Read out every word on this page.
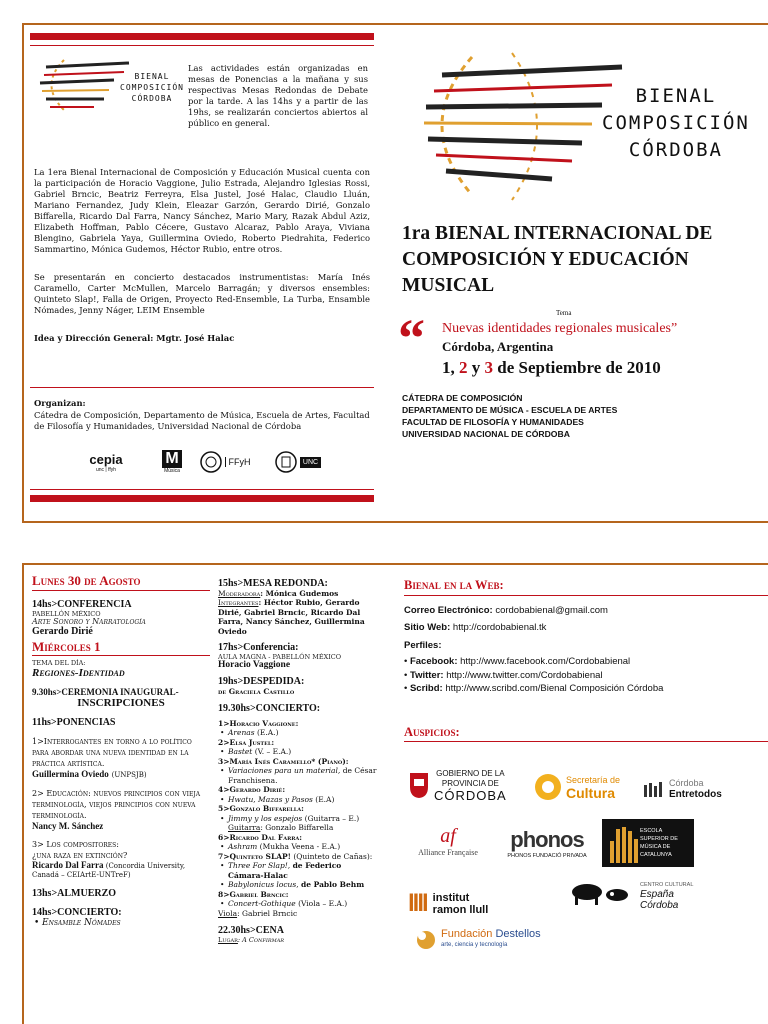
BIENAL
COMPOSICIÓN
CÓRDOBA
Las actividades están organizadas en mesas de Ponencias a la mañana y sus respectivas Mesas Redondas de Debate por la tarde. A las 14hs y a partir de las 19hs, se realizarán conciertos abiertos al público en general.
La 1era Bienal Internacional de Composición y Educación Musical cuenta con la participación de Horacio Vaggione, Julio Estrada, Alejandro Iglesias Rossi, Gabriel Brncic, Beatriz Ferreyra, Elsa Justel, José Halac, Claudio Lluán, Mariano Fernandez, Judy Klein, Eleazar Garzón, Gerardo Dirié, Gonzalo Biffarella, Ricardo Dal Farra, Nancy Sánchez, Mario Mary, Razak Abdul Aziz, Elizabeth Hoffman, Pablo Cécere, Gustavo Alcaraz, Pablo Araya, Viviana Blengino, Gabriela Yaya, Guillermina Oviedo, Roberto Piedrahita, Federico Sammartino, Mónica Gudemos, Héctor Rubio, entre otros.
Se presentarán en concierto destacados instrumentistas: María Inés Caramello, Carter McMullen, Marcelo Barragán; y diversos ensembles: Quinteto Slap!, Falla de Origen, Proyecto Red-Ensemble, La Turba, Ensamble Nómades, Jenny Náger, LEIM Ensemble
Idea y Dirección General: Mgtr. José Halac
Organizan:
Cátedra de Composición, Departamento de Música, Escuela de Artes, Facultad de Filosofía y Humanidades, Universidad Nacional de Córdoba
cepia
unc | ffyh
M
Música
FFyH	UNC
BIENAL
COMPOSICIÓN
CÓRDOBA
1ra BIENAL INTERNACIONAL DE COMPOSICIÓN Y EDUCACIÓN MUSICAL
Tema
“ Nuevas identidades regionales musicales”
Córdoba, Argentina
1, 2 y 3 de Septiembre de 2010
CÁTEDRA DE COMPOSICIÓN
DEPARTAMENTO DE MÚSICA - ESCUELA DE ARTES
FACULTAD DE FILOSOFÍA Y HUMANIDADES
UNIVERSIDAD NACIONAL DE CÓRDOBA
Lunes 30 de Agosto
14hs>CONFERENCIA
PABELLÓN MÉXICO
Arte Sonoro y Narratología
Gerardo Dirié
Miércoles 1
TEMA DEL DÍA:
Regiones-Identidad
9.30hs>CEREMONIA INAUGURAL-
INSCRIPCIONES
11hs>PONENCIAS
1>Interrogantes en torno a lo político para abordar una nueva identidad en la práctica artística.
Guillermina Oviedo (UNPSJB)
2> Educación: nuevos principios con vieja terminología, viejos principios con nueva terminología.
Nancy M. Sánchez
3> Los compositores:
¿una raza en extinción?
Ricardo Dal Farra (Concordia University, Canadá – CEIArtE-UNTreF)
13hs>ALMUERZO
14hs>CONCIERTO:
• Ensamble Nómades
15hs>MESA REDONDA:
Moderadora: Mónica Gudemos
Integrantes: Héctor Rubio, Gerardo Dirié, Gabriel Brncic, Ricardo Dal Farra, Nancy Sánchez, Guillermina Oviedo
17hs>Conferencia:
AULA MAGNA - PABELLÓN MÉXICO
Horacio Vaggione
19hs>DESPEDIDA:
de Graciela Castillo
19.30hs>CONCIERTO:
1>Horacio Vaggione:
• Arenas (E.A.)
2>Elsa Justel:
• Bastet (V. – E.A.)
3>María Inés Caramello* (Piano):
• Variaciones para un material, de César Franchisena.
4>Gerardo Dirié:
• Hwatu, Mazas y Pasos (E.A)
5>Gonzalo Biffarella:
• Jimmy y los espejos (Guitarra – E.) Guitarra: Gonzalo Biffarella
6>Ricardo Dal Farra:
• Ashram (Mukha Veena - E.A.)
7>Quinteto SLAP! (Quinteto de Cañas):
• Three For Slap!, de Federico Cámara-Halac
• Babylonicus locus, de Pablo Behm
8>Gabriel Brncic:
• Concert-Gothique (Viola – E.A.)
Viola: Gabriel Brncic
22.30hs>CENA
Lugar: A Confirmar
Bienal en la Web:
Correo Electrónico: cordobabienal@gmail.com
Sitio Web: http://cordobabienal.tk
Perfiles:
• Facebook: http://www.facebook.com/Cordobabienal
• Twitter: http://www.twitter.com/Cordobabienal
• Scribd: http://www.scribd.com/Bienal Composición Córdoba
Auspicios:
GOBIERNO DE LA
PROVINCIA DE
CÓRDOBA
Secretaría de
Cultura
Córdoba
Entretodos
af
Alliance Française
phonos
PHONOS FUNDACIÓ PRIVADA
ESCOLA SUPERIOR DE MÚSICA DE CATALUNYA
llll institut
ramon llull
CENTRO CULTURAL
España Córdoba
Fundación Destellos
arte, ciencia y tecnología
